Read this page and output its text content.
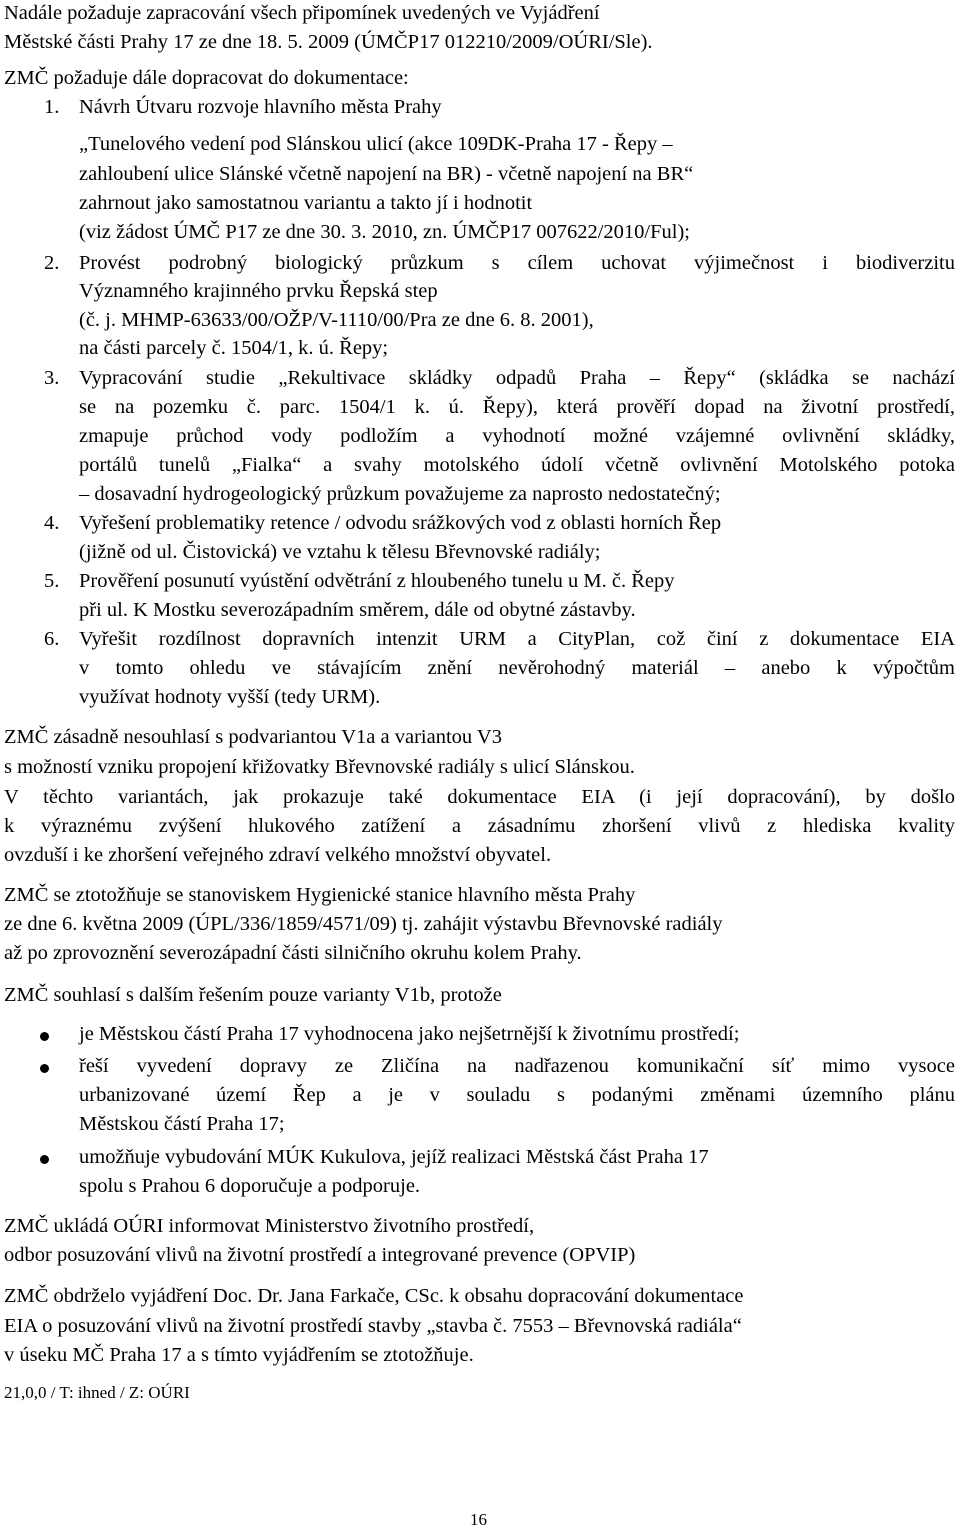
Nadále požaduje zapracování všech připomínek uvedených ve Vyjádření
Městské části Prahy 17 ze dne 18. 5. 2009 (ÚMČP17 012210/2009/OÚRI/Sle).
ZMČ požaduje dále dopracovat do dokumentace:
1. Návrh Útvaru rozvoje hlavního města Prahy
„Tunelového vedení pod Slánskou ulicí (akce 109DK-Praha 17 - Řepy –
zahloubení ulice Slánské včetně napojení na BR) - včetně napojení na BR“
zahrnout jako samostatnou variantu a takto jí i hodnotit
(viz žádost ÚMČ P17 ze dne 30. 3. 2010, zn. ÚMČP17 007622/2010/Ful);
2. Provést podrobný biologický průzkum s cílem uchovat výjimečnost i biodiverzitu
Významného krajinného prvku Řepská step
(č. j. MHMP-63633/00/OŽP/V-1110/00/Pra ze dne 6. 8. 2001),
na části parcely č. 1504/1, k. ú. Řepy;
3. Vypracování studie „Rekultivace skládky odpadů Praha – Řepy“ (skládka se nachází
se na pozemku č. parc. 1504/1 k. ú. Řepy), která prověří dopad na životní prostředí,
zmapuje průchod vody podložím a vyhodnotí možné vzájemné ovlivnění skládky,
portálů tunelů „Fialka“ a svahy motolského údolí včetně ovlivnění Motolského potoka
– dosavadní hydrogeologický průzkum považujeme za naprosto nedostatečný;
4. Vyřešení problematiky retence / odvodu srážkových vod z oblasti horních Řep
(jižně od ul. Čistovická) ve vztahu k tělesu Břevnovské radiály;
5. Prověření posunutí vyústění odvětrání z hloubeného tunelu u M. č. Řepy
při ul. K Mostku severozápadním směrem, dále od obytné zástavby.
6. Vyřešit rozdílnost dopravních intenzit URM a CityPlan, což činí z dokumentace EIA
v tomto ohledu ve stávajícím znění nevěrohodný materiál – anebo k výpočtům
využívat hodnoty vyšší (tedy URM).
ZMČ zásadně nesouhlasí s podvariantou V1a a variantou V3
s možností vzniku propojení křižovatky Břevnovské radiály s ulicí Slánskou.
V těchto variantách, jak prokazuje také dokumentace EIA (i její dopracování), by došlo
k výraznému zvýšení hlukového zatížení a zásadnímu zhoršení vlivů z hlediska kvality
ovzduší i ke zhoršení veřejného zdraví velkého množství obyvatel.
ZMČ se ztotožňuje se stanoviskem Hygienické stanice hlavního města Prahy
ze dne 6. května 2009 (ÚPL/336/1859/4571/09) tj. zahájit výstavbu Břevnovské radiály
až po zprovoznění severozápadní části silničního okruhu kolem Prahy.
ZMČ souhlasí s dalším řešením pouze varianty V1b, protože
je Městskou částí Praha 17 vyhodnocena jako nejšetrnější k životnímu prostředí;
řeší vyvedení dopravy ze Zličína na nadřazenou komunikační síť mimo vysoce
urbanizované území Řep a je v souladu s podanými změnami územního plánu
Městskou částí Praha 17;
umožňuje vybudování MÚK Kukulova, jejíž realizaci Městská část Praha 17
spolu s Prahou 6 doporučuje a podporuje.
ZMČ ukládá OÚRI informovat Ministerstvo životního prostředí,
odbor posuzování vlivů na životní prostředí a integrované prevence (OPVIP)
ZMČ obdrželo vyjádření Doc. Dr. Jana Farkače, CSc. k obsahu dopracování dokumentace
EIA o posuzování vlivů na životní prostředí stavby „stavba č. 7553 – Břevnovská radiála“
v úseku MČ Praha 17 a s tímto vyjádřením se ztotožňuje.
21,0,0 / T: ihned / Z: OÚRI
16
